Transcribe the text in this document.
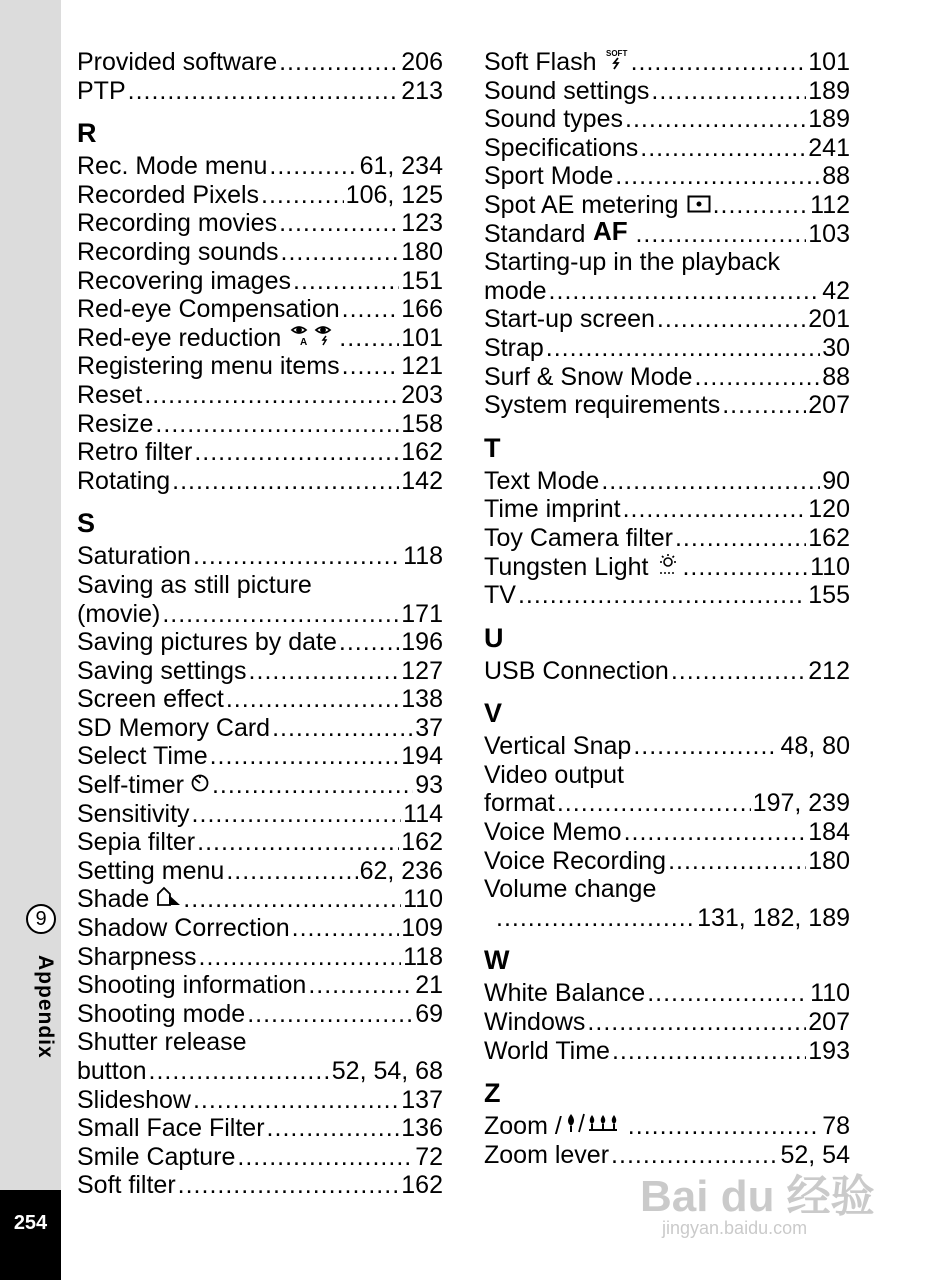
9
Appendix
254
Provided software .....	206
PTP .....	213
R
Rec. Mode menu .....	61, 234
Recorded Pixels .....	106, 125
Recording movies .....	123
Recording sounds .....	180
Recovering images .....	151
Red-eye Compensation ..... 166
Red-eye reduction A .....	101
Registering menu items ..... 121
Reset .....	203
Resize .....	158
Retro filter .....	162
Rotating .....	142
S
Saturation .....	118
Saving as still picture
(movie) .....	171
Saving pictures by date .....	196
Saving settings .....	127
Screen effect .....	138
SD Memory Card .....	37
Select Time .....	194
Self-timer .....	93
Sensitivity .....	114
Sepia filter .....	162
Setting menu .....	62, 236
Shade .....	110
Shadow Correction .....	109
Sharpness .....	118
Shooting information .....	21
Shooting mode .....	69
Shutter release
button .....	52, 54, 68
Slideshow .....	137
Small Face Filter .....	136
Smile Capture .....	72
Soft filter .....	162
Soft Flash SOFT .....	101
Sound settings .....	189
Sound types .....	189
Specifications .....	241
Sport Mode .....	88
Spot AE metering .....	112
Standard AF .....	103
Starting-up in the playback
mode .....	42
Start-up screen .....	201
Strap .....	30
Surf & Snow Mode .....	88
System requirements .....	207
T
Text Mode .....	90
Time imprint .....	120
Toy Camera filter .....	162
Tungsten Light .....	110
TV .....	155
U
USB Connection .....	212
V
Vertical Snap .....	48, 80
Video output
format .....	197, 239
Voice Memo .....	184
Voice Recording .....	180
Volume change
.....
131, 182, 189
W
White Balance .....	110
Windows .....	207
World Time .....	193
Z
Zoom / .....	78
Zoom lever .....	52, 54
Bai du 经验
jingyan.baidu.com
